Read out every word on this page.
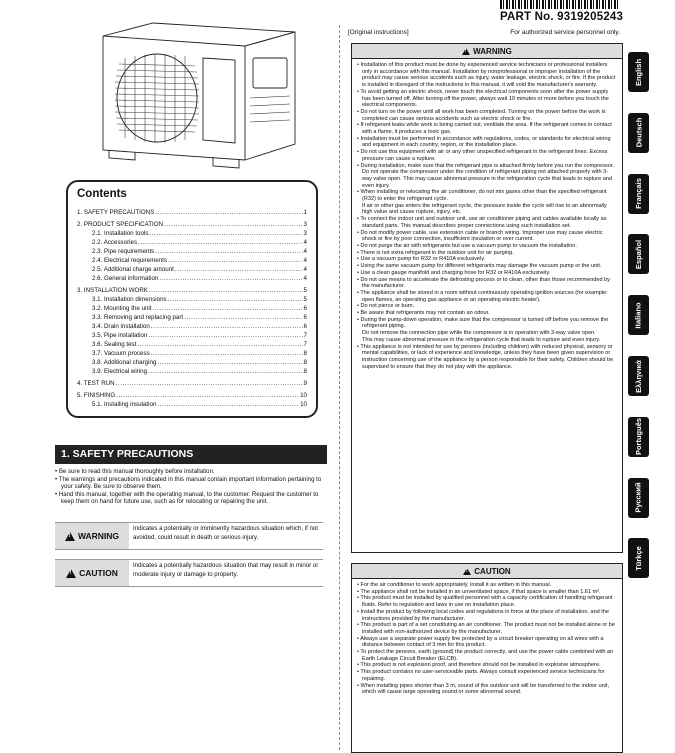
PART No. 9319205243
[Original instructions]	For authorized service personnel only.
Contents
1. SAFETY PRECAUTIONS .....	1
2. PRODUCT SPECIFICATION .....	3
2.1. Installation tools .....	3
2.2. Accessories .....	4
2.3. Pipe requirements .....	4
2.4. Electrical requirements .....	4
2.5. Additional charge amount .....	4
2.6. General information .....	4
3. INSTALLATION WORK .....	5
3.1. Installation dimensions .....	5
3.2. Mounting the unit .....	6
3.3. Removing and replacing part .....	6
3.4. Drain installation .....	6
3.5. Pipe installation .....	7
3.6. Sealing test .....	7
3.7. Vacuum process .....	8
3.8. Additional charging .....	8
3.9. Electrical wiring .....	8
4. TEST RUN .....	9
5. FINISHING .....	10
5.1. Installing insulation .....	10
1. SAFETY PRECAUTIONS
• Be sure to read this manual thoroughly before installation.
• The warnings and precautions indicated in this manual contain important information pertaining to your safety. Be sure to observe them.
• Hand this manual, together with the operating manual, to the customer. Request the customer to keep them on hand for future use, such as for relocating or repairing the unit.
!
WARNING
Indicates a potentially or imminently hazardous situation which, if not avoided, could result in death or serious injury.
!
CAUTION
Indicates a potentially hazardous situation that may result in minor or moderate injury or damage to property.
!
WARNING
• Installation of this product must be done by experienced service technicians or professional installers only in accordance with this manual. Installation by nonprofessional or improper installation of the product may cause serious accidents such as injury, water leakage, electric shock, or fire. If the product is installed in disregard of the instructions in this manual, it will void the manufacturer's warranty.
• To avoid getting an electric shock, never touch the electrical components soon after the power supply has been turned off. After turning off the power, always wait 10 minutes or more before you touch the electrical components.
• Do not turn on the power until all work has been completed. Turning on the power before the work is completed can cause serious accidents such as electric shock or fire.
• If refrigerant leaks while work is being carried out, ventilate the area. If the refrigerant comes in contact with a flame, it produces a toxic gas.
• Installation must be performed in accordance with regulations, codes, or standards for electrical wiring and equipment in each country, region, or the installation place.
• Do not use this equipment with air or any other unspecified refrigerant in the refrigerant lines. Excess pressure can cause a rupture.
• During installation, make sure that the refrigerant pipe is attached firmly before you run the compressor.
Do not operate the compressor under the condition of refrigerant piping not attached properly with 3-way valve open. This may cause abnormal pressure in the refrigeration cycle that leads to rupture and even injury.
• When installing or relocating the air conditioner, do not mix gases other than the specified refrigerant (R32) to enter the refrigerant cycle.
If air or other gas enters the refrigerant cycle, the pressure inside the cycle will rise to an abnormally high value and cause rupture, injury, etc.
• To connect the indoor unit and outdoor unit, use air conditioner piping and cables available locally as standard parts. This manual describes proper connections using such installation set.
• Do not modify power cable, use extension cable or branch wiring. Improper use may cause electric shock or fire by poor connection, insufficient insulation or over current.
• Do not purge the air with refrigerants but use a vacuum pump to vacuum the installation.
• There is not extra refrigerant in the outdoor unit for air purging.
• Use a vacuum pump for R32 or R410A exclusively.
• Using the same vacuum pump for different refrigerants may damage the vacuum pump or the unit.
• Use a clean gauge manifold and charging hose for R32 or R410A exclusively.
• Do not use means to accelerate the defrosting process or to clean, other than those recommended by the manufacturer.
• The appliance shall be stored in a room without continuously operating ignition sources (for example: open flames, an operating gas appliance or an operating electric heater).
• Do not pierce or burn.
• Be aware that refrigerants may not contain an odour.
• During the pump-down operation, make sure that the compressor is turned off before you remove the refrigerant piping.
Do not remove the connection pipe while the compressor is in operation with 3-way valve open.
This may cause abnormal pressure in the refrigeration cycle that leads to rupture and even injury.
• This appliance is not intended for use by persons (including children) with reduced physical, sensory or mental capabilities, or lack of experience and knowledge, unless they have been given supervision or instruction concerning use of the appliance by a person responsible for their safety. Children should be supervised to ensure that they do not play with the appliance.
!
CAUTION
• For the air conditioner to work appropriately, install it as written in this manual.
• The appliance shall not be installed in an unventilated space, if that space is smaller than 1.61 m².
• This product must be installed by qualified personnel with a capacity certification of handling refrigerant fluids. Refer to regulation and laws in use on installation place.
• Install the product by following local codes and regulations in force at the place of installation, and the instructions provided by the manufacturer.
• This product is part of a set constituting an air conditioner. The product must not be installed alone or be installed with non-authorized device by the manufacturer.
• Always use a separate power supply line protected by a circuit breaker operating on all wires with a distance between contact of 3 mm for this product.
• To protect the persons, earth (ground) the product correctly, and use the power cable combined with an Earth Leakage Circuit Breaker (ELCB).
• This product is not explosion proof, and therefore should not be installed in explosive atmosphere.
• This product contains no user-serviceable parts. Always consult experienced service technicians for repairing.
• When installing pipes shorter than 3 m, sound of the outdoor unit will be transferred to the indoor unit, which will cause large operating sound or some abnormal sound.
English
Deutsch
Français
Español
Italiano
Ελληνικά
Português
Русский
Türkçe
